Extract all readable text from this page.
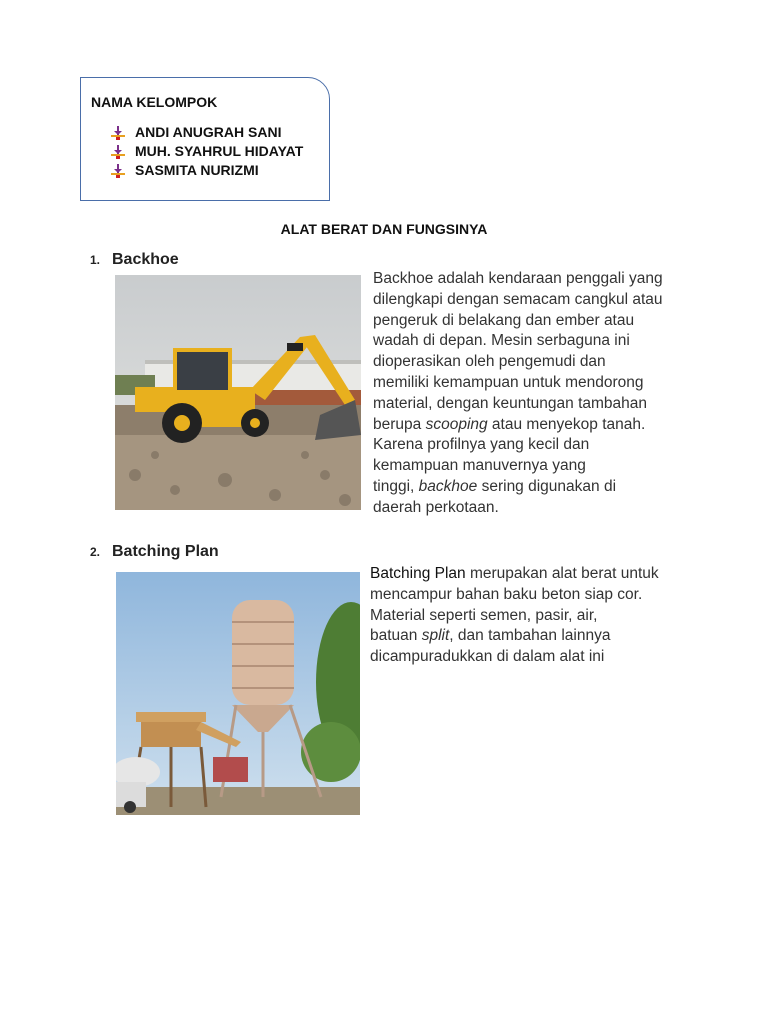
NAMA KELOMPOK
ANDI ANUGRAH SANI
MUH. SYAHRUL HIDAYAT
SASMITA NURIZMI
ALAT BERAT DAN FUNGSINYA
1. Backhoe
Backhoe adalah kendaraan penggali yang
dilengkapi dengan semacam cangkul atau
pengeruk di belakang dan ember atau
wadah di depan. Mesin serbaguna ini
dioperasikan oleh pengemudi dan
memiliki kemampuan untuk mendorong
material, dengan keuntungan tambahan
berupa scooping atau menyekop tanah.
Karena profilnya yang kecil dan
kemampuan manuvernya yang
tinggi, backhoe sering digunakan di
daerah perkotaan.
2. Batching Plan
Batching Plan merupakan alat berat untuk
mencampur bahan baku beton siap cor.
Material seperti semen, pasir, air,
batuan split, dan tambahan lainnya
dicampuradukkan di dalam alat ini
